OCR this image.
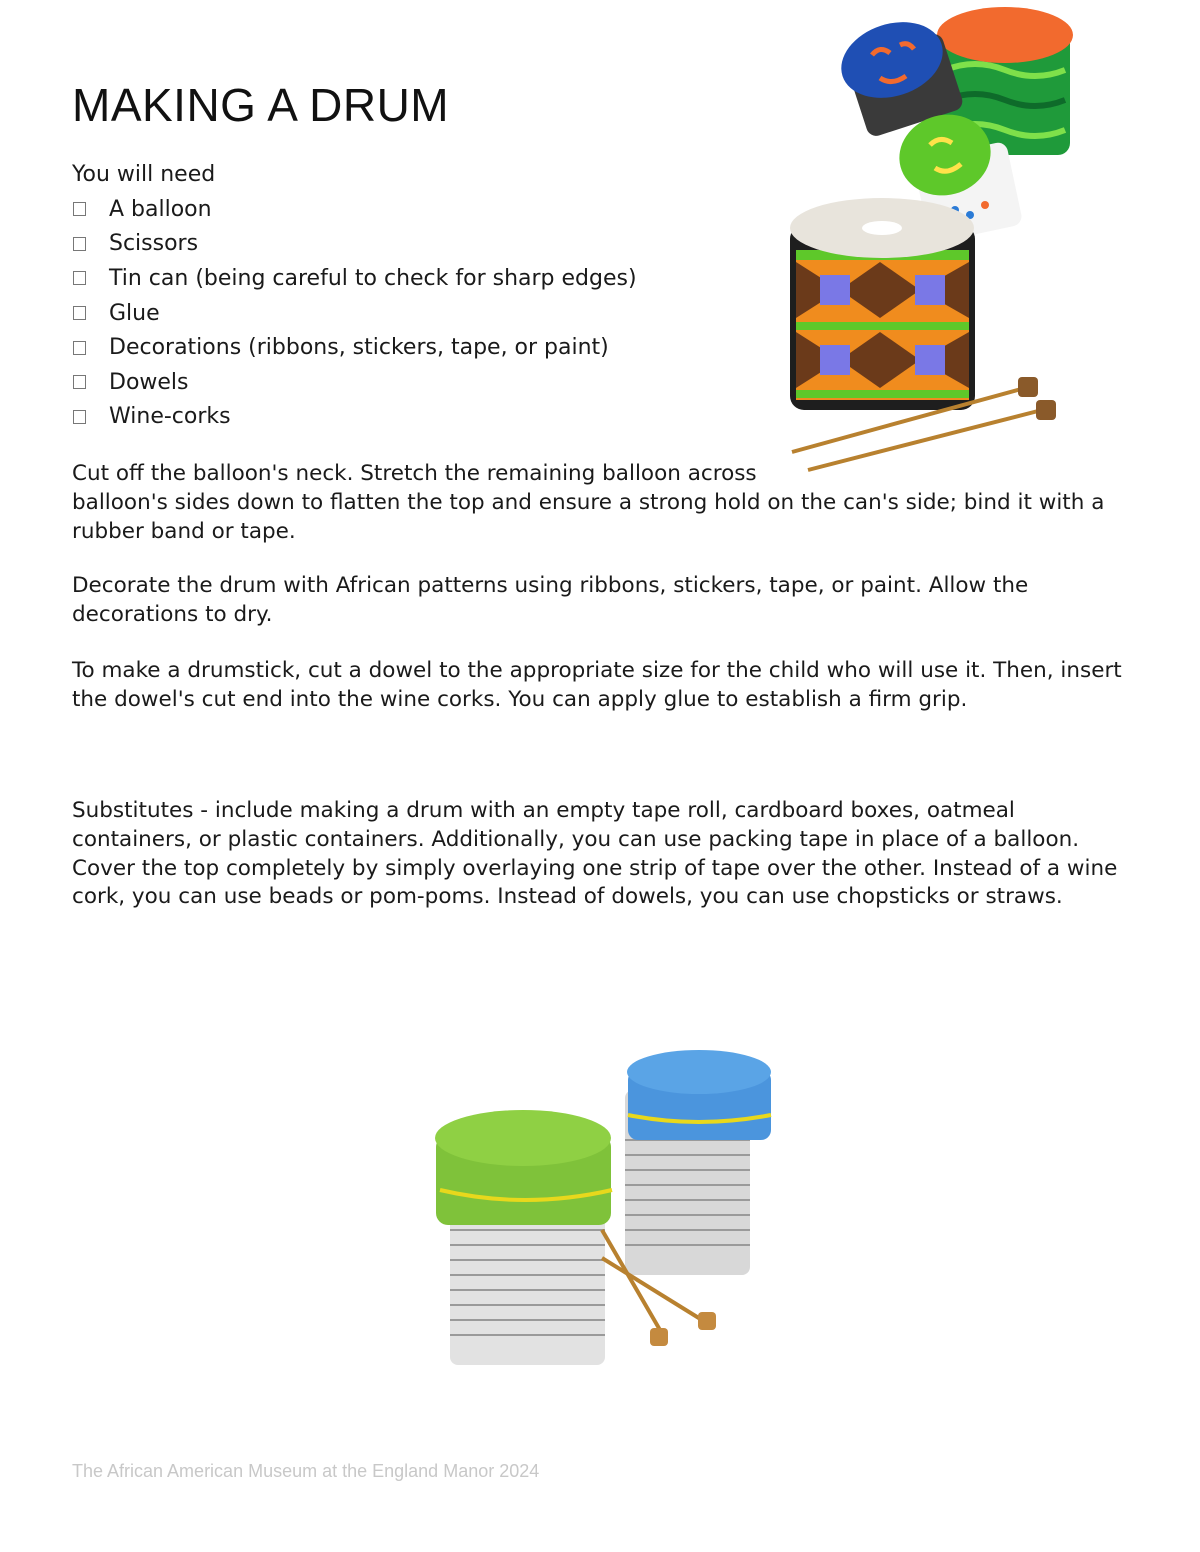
MAKING A DRUM
You will need
A balloon
Scissors
Tin can (being careful to check for sharp edges)
Glue
Decorations (ribbons, stickers, tape, or paint)
Dowels
Wine-corks

Cut off the balloon's neck. Stretch the remaining balloon across
balloon's sides down to flatten the top and ensure a strong hold on the can's side; bind it with a rubber band or tape.

Decorate the drum with African patterns using ribbons, stickers, tape, or paint. Allow the decorations to dry.

To make a drumstick, cut a dowel to the appropriate size for the child who will use it. Then, insert the dowel's cut end into the wine corks. You can apply glue to establish a firm grip.

Substitutes - include making a drum with an empty tape roll, cardboard boxes, oatmeal containers, or plastic containers. Additionally, you can use packing tape in place of a balloon. Cover the top completely by simply overlaying one strip of tape over the other. Instead of a wine cork, you can use beads or pom-poms. Instead of dowels, you can use chopsticks or straws.

The African American Museum at the England Manor 2024
